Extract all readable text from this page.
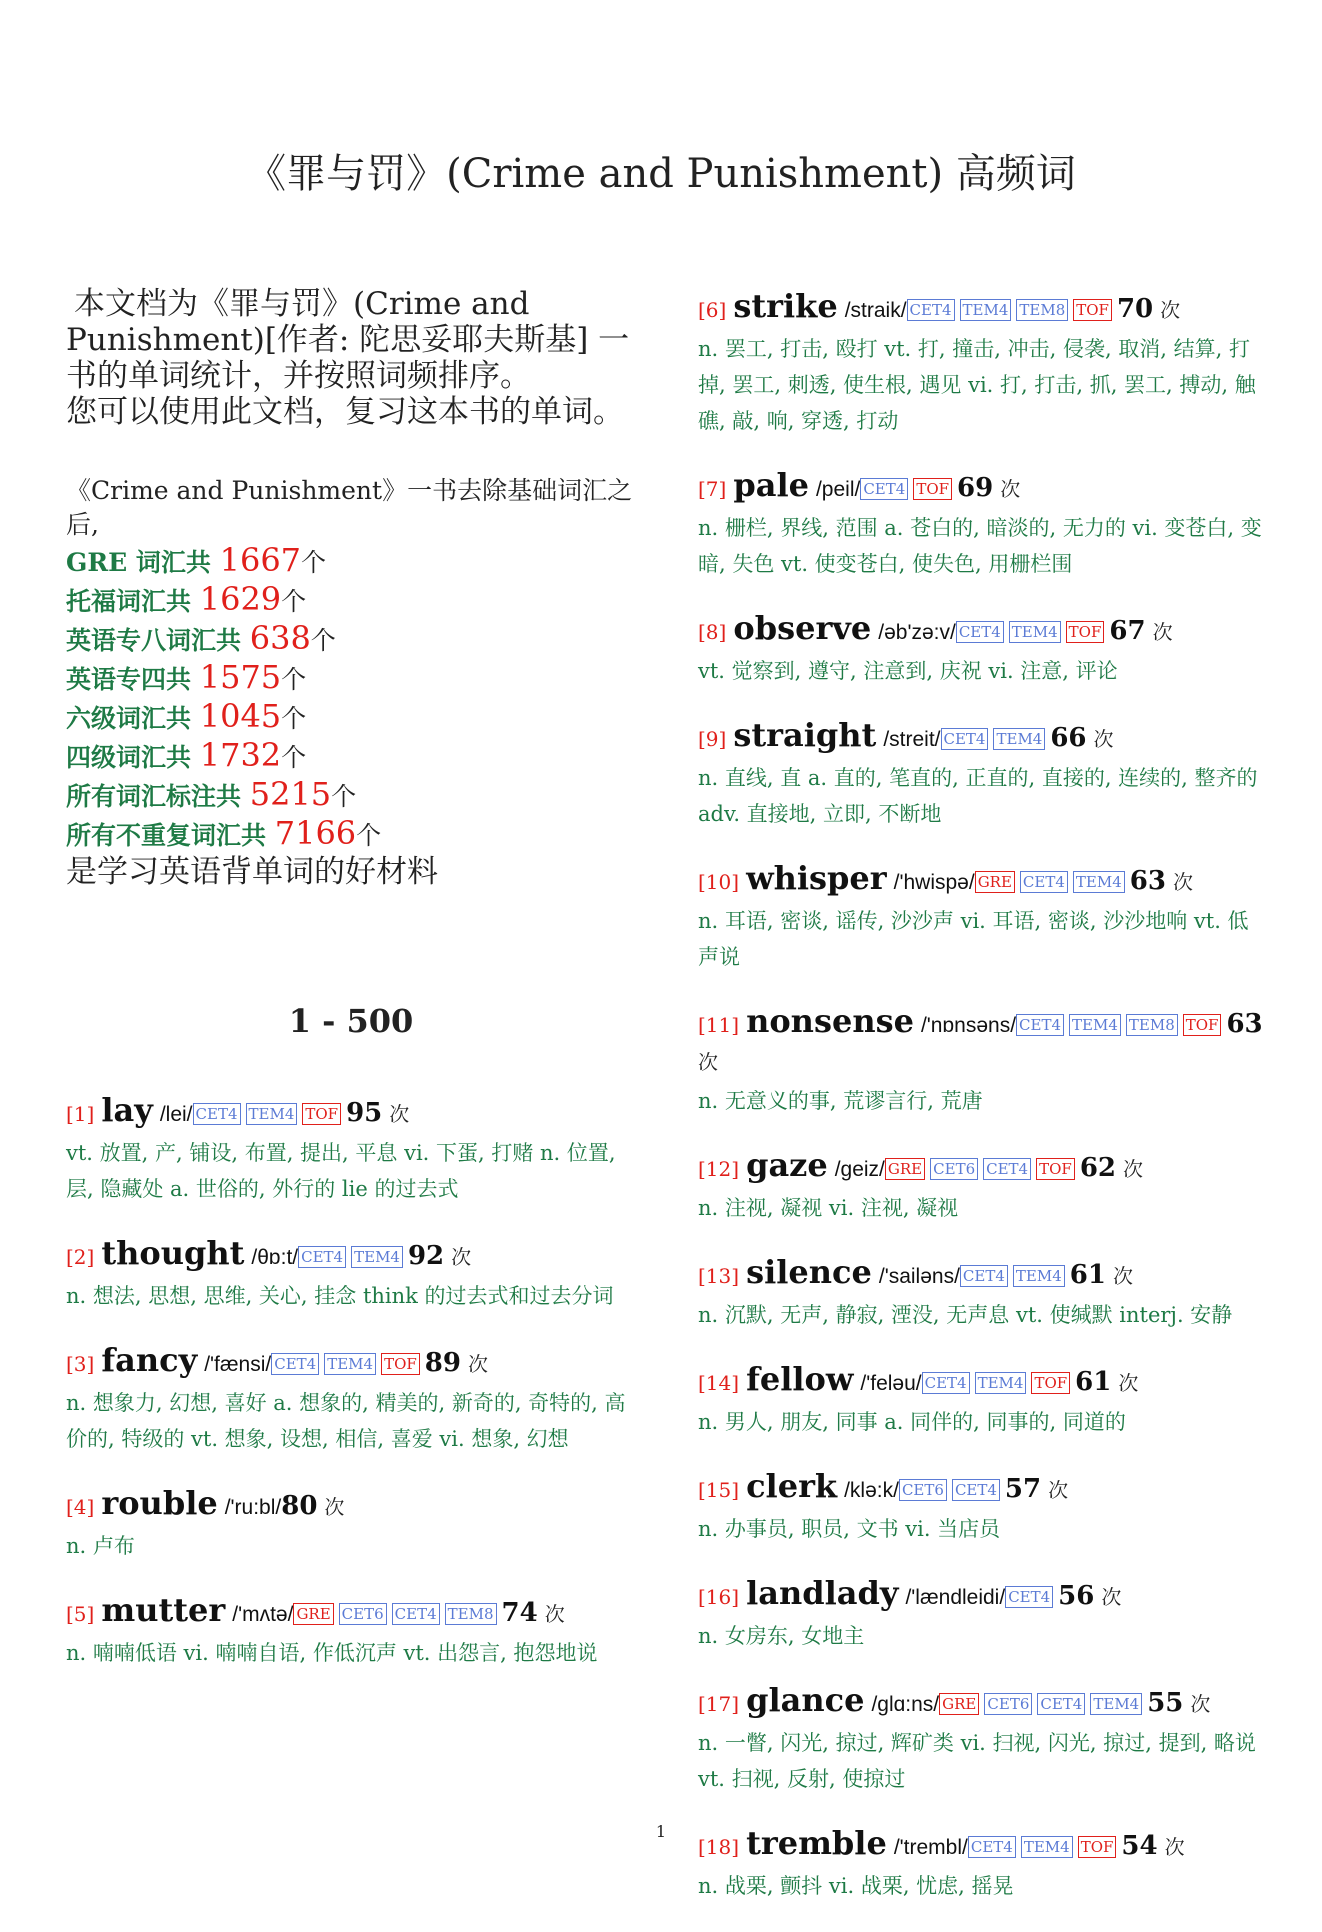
《罪与罚》(Crime and Punishment) 高频词

本文档为《罪与罚》(Crime and Punishment)[作者: 陀思妥耶夫斯基] 一书的单词统计，并按照词频排序。

您可以使用此文档，复习这本书的单词。

《Crime and Punishment》一书去除基础词汇之后,
GRE 词汇共 1667个
托福词汇共 1629个
英语专八词汇共 638个
英语专四共 1575个
六级词汇共 1045个
四级词汇共 1732个
所有词汇标注共 5215个
所有不重复词汇共 7166个
是学习英语背单词的好材料
1 - 500
[1] lay /lei/ CET4 TEM4 TOF 95 次
vt. 放置, 产, 铺设, 布置, 提出, 平息 vi. 下蛋, 打赌 n. 位置, 层, 隐藏处 a. 世俗的, 外行的 lie 的过去式
[2] thought /θɒ:t/ CET4 TEM4 92 次
n. 想法, 思想, 思维, 关心, 挂念 think 的过去式和过去分词
[3] fancy /'fænsi/ CET4 TEM4 TOF 89 次
n. 想象力, 幻想, 喜好 a. 想象的, 精美的, 新奇的, 奇特的, 高价的, 特级的 vt. 想象, 设想, 相信, 喜爱 vi. 想象, 幻想
[4] rouble /'ru:bl/80 次
n. 卢布
[5] mutter /'mʌtə/ GRE CET6 CET4 TEM8 74 次
n. 喃喃低语 vi. 喃喃自语, 作低沉声 vt. 出怨言, 抱怨地说
[6] strike /straik/ CET4 TEM4 TEM8 TOF 70 次
n. 罢工, 打击, 殴打 vt. 打, 撞击, 冲击, 侵袭, 取消, 结算, 打掉, 罢工, 刺透, 使生根, 遇见 vi. 打, 打击, 抓, 罢工, 搏动, 触礁, 敲, 响, 穿透, 打动
[7] pale /peil/ CET4 TOF 69 次
n. 栅栏, 界线, 范围 a. 苍白的, 暗淡的, 无力的 vi. 变苍白, 变暗, 失色 vt. 使变苍白, 使失色, 用栅栏围
[8] observe /əb'zə:v/ CET4 TEM4 TOF 67 次
vt. 觉察到, 遵守, 注意到, 庆祝 vi. 注意, 评论
[9] straight /streit/ CET4 TEM4 66 次
n. 直线, 直 a. 直的, 笔直的, 正直的, 直接的, 连续的, 整齐的 adv. 直接地, 立即, 不断地
[10] whisper /'hwispə/ GRE CET4 TEM4 63 次
n. 耳语, 密谈, 谣传, 沙沙声 vi. 耳语, 密谈, 沙沙地响 vt. 低声说
[11] nonsense /'nɒnsəns/ CET4 TEM4 TEM8 TOF 63 次
n. 无意义的事, 荒谬言行, 荒唐
[12] gaze /geiz/ GRE CET6 CET4 TOF 62 次
n. 注视, 凝视 vi. 注视, 凝视
[13] silence /'sailəns/ CET4 TEM4 61 次
n. 沉默, 无声, 静寂, 湮没, 无声息 vt. 使缄默 interj. 安静
[14] fellow /'feləu/ CET4 TEM4 TOF 61 次
n. 男人, 朋友, 同事 a. 同伴的, 同事的, 同道的
[15] clerk /klə:k/ CET6 CET4 57 次
n. 办事员, 职员, 文书 vi. 当店员
[16] landlady /'lændleidi/ CET4 56 次
n. 女房东, 女地主
[17] glance /glɑ:ns/ GRE CET6 CET4 TEM4 55 次
n. 一瞥, 闪光, 掠过, 辉矿类 vi. 扫视, 闪光, 掠过, 提到, 略说 vt. 扫视, 反射, 使掠过
[18] tremble /'trembl/ CET4 TEM4 TOF 54 次
n. 战栗, 颤抖 vi. 战栗, 忧虑, 摇晃
1
